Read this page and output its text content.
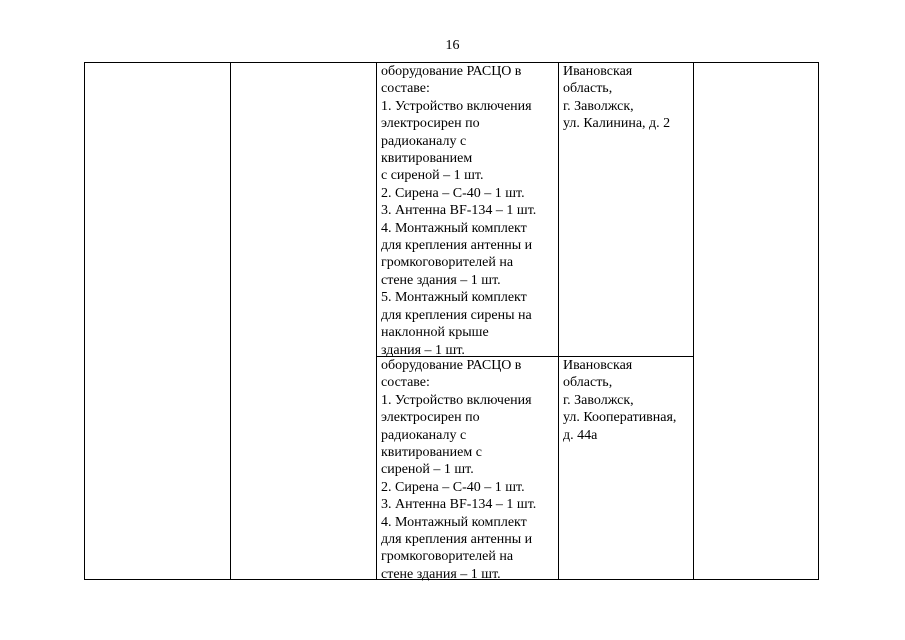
16
оборудование РАСЦО в
составе:
1. Устройство включения
электросирен по
радиоканалу с
квитированием
с сиреной – 1 шт.
2. Сирена – С-40 – 1 шт.
3. Антенна BF-134 – 1 шт.
4. Монтажный комплект
для крепления антенны и
громкоговорителей на
стене здания – 1 шт.
5. Монтажный комплект
для крепления сирены на
наклонной крыше
здания – 1 шт.
Ивановская
область,
г. Заволжск,
ул. Калинина, д. 2
оборудование РАСЦО в
составе:
1. Устройство включения
электросирен по
радиоканалу с
квитированием с
сиреной – 1 шт.
2. Сирена – С-40 – 1 шт.
3. Антенна BF-134 – 1 шт.
4. Монтажный комплект
для крепления антенны и
громкоговорителей на
стене здания – 1 шт.
Ивановская
область,
г. Заволжск,
ул. Кооперативная,
д. 44а
